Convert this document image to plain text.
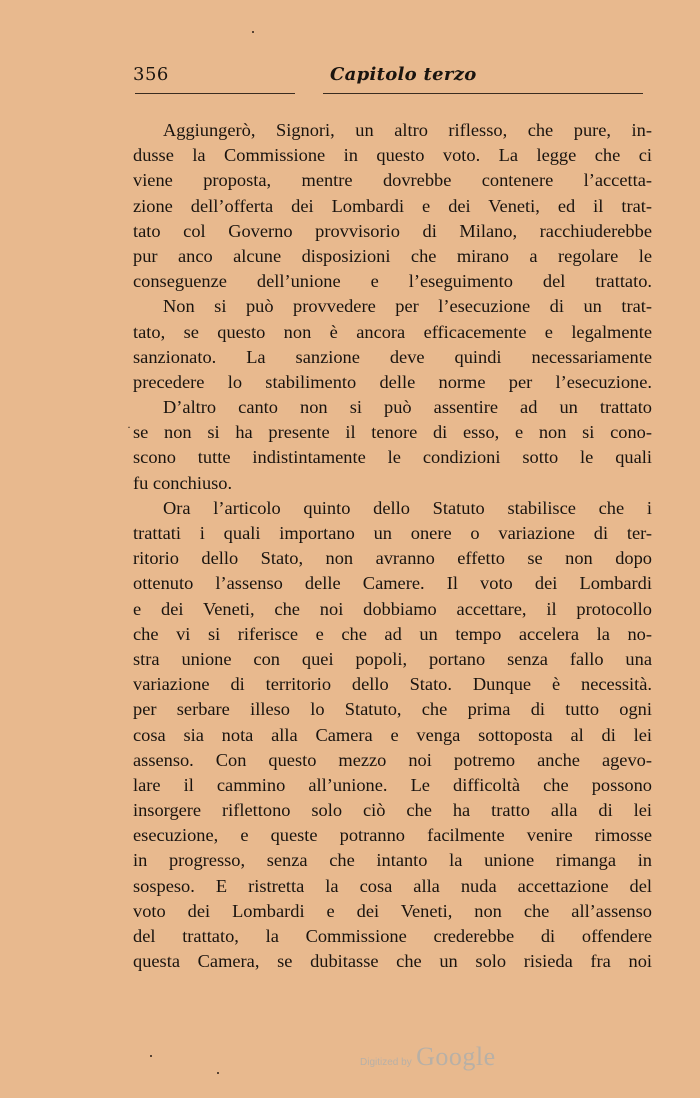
356	Capitolo terzo
Aggiungerò, Signori, un altro riflesso, che pure, in-
dusse la Commissione in questo voto. La legge che ci
viene proposta, mentre dovrebbe contenere l’accetta-
zione dell’offerta dei Lombardi e dei Veneti, ed il trat-
tato col Governo provvisorio di Milano, racchiuderebbe
pur anco alcune disposizioni che mirano a regolare le
conseguenze dell’unione e l’eseguimento del trattato.
Non si può provvedere per l’esecuzione di un trat-
tato, se questo non è ancora efficacemente e legalmente
sanzionato. La sanzione deve quindi necessariamente
precedere lo stabilimento delle norme per l’esecuzione.
D’altro canto non si può assentire ad un trattato
se non si ha presente il tenore di esso, e non si cono-
scono tutte indistintamente le condizioni sotto le quali
fu conchiuso.
Ora l’articolo quinto dello Statuto stabilisce che i
trattati i quali importano un onere o variazione di ter-
ritorio dello Stato, non avranno effetto se non dopo
ottenuto l’assenso delle Camere. Il voto dei Lombardi
e dei Veneti, che noi dobbiamo accettare, il protocollo
che vi si riferisce e che ad un tempo accelera la no-
stra unione con quei popoli, portano senza fallo una
variazione di territorio dello Stato. Dunque è necessità.
per serbare illeso lo Statuto, che prima di tutto ogni
cosa sia nota alla Camera e venga sottoposta al di lei
assenso. Con questo mezzo noi potremo anche agevo-
lare il cammino all’unione. Le difficoltà che possono
insorgere riflettono solo ciò che ha tratto alla di lei
esecuzione, e queste potranno facilmente venire rimosse
in progresso, senza che intanto la unione rimanga in
sospeso. E ristretta la cosa alla nuda accettazione del
voto dei Lombardi e dei Veneti, non che all’assenso
del trattato, la Commissione crederebbe di offendere
questa Camera, se dubitasse che un solo risieda fra noi
˙
Digitized by Google
